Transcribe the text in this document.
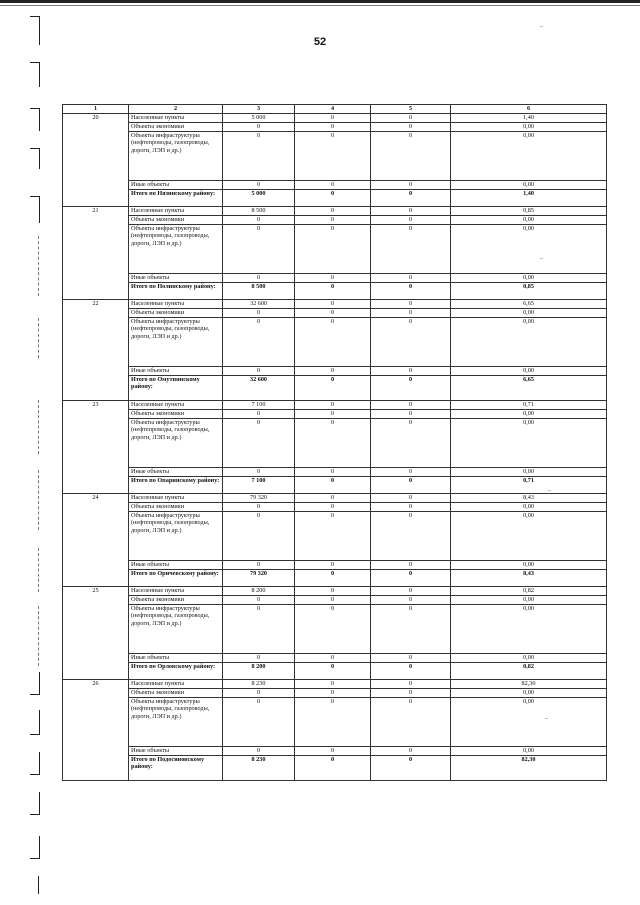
52
1	2	3	4	5	6
20	Населенные пункты	5 000	0	0	1,40
	Объекты экономики	0	0	0	0,00
	Объекты инфраструктуры (нефтепроводы, газопроводы, дороги, ЛЭП и др.)	0	0	0	0,00
	Иные объекты	0	0	0	0,00
	Итого по Нязинскому району:	5 000	0	0	1,40
21	Населенные пункты	8 500	0	0	0,85
	Объекты экономики	0	0	0	0,00
	Объекты инфраструктуры (нефтепроводы, газопроводы, дороги, ЛЭП и др.)	0	0	0	0,00
	Иные объекты	0	0	0	0,00
	Итого по Нолинскому району:	8 500	0	0	0,85
22	Населенные пункты	32 600	0	0	6,65
	Объекты экономики	0	0	0	0,00
	Объекты инфраструктуры (нефтепроводы, газопроводы, дороги, ЛЭП и др.)	0	0	0	0,00
	Иные объекты	0	0	0	0,00
	Итого по Омутнинскому району:	32 600	0	0	6,65
23	Населенные пункты	7 100	0	0	0,71
	Объекты экономики	0	0	0	0,00
	Объекты инфраструктуры (нефтепроводы, газопроводы, дороги, ЛЭП и др.)	0	0	0	0,00
	Иные объекты	0	0	0	0,00
	Итого по Опаринскому району:	7 100	0	0	0,71
24	Населенные пункты	79 320	0	0	8,43
	Объекты экономики	0	0	0	0,00
	Объекты инфраструктуры (нефтепроводы, газопроводы, дороги, ЛЭП и др.)	0	0	0	0,00
	Иные объекты	0	0	0	0,00
	Итого по Оричевскому району:	79 320	0	0	8,43
25	Населенные пункты	8 200	0	0	0,82
	Объекты экономики	0	0	0	0,00
	Объекты инфраструктуры (нефтепроводы, газопроводы, дороги, ЛЭП и др.)	0	0	0	0,00
	Иные объекты	0	0	0	0,00
	Итого по Орловскому району:	8 200	0	0	0,82
26	Населенные пункты	8 230	0	0	82,30
	Объекты экономики	0	0	0	0,00
	Объекты инфраструктуры (нефтепроводы, газопроводы, дороги, ЛЭП и др.)	0	0	0	0,00
	Иные объекты	0	0	0	0,00
	Итого по Подосиновскому району:	8 230	0	0	82,30
